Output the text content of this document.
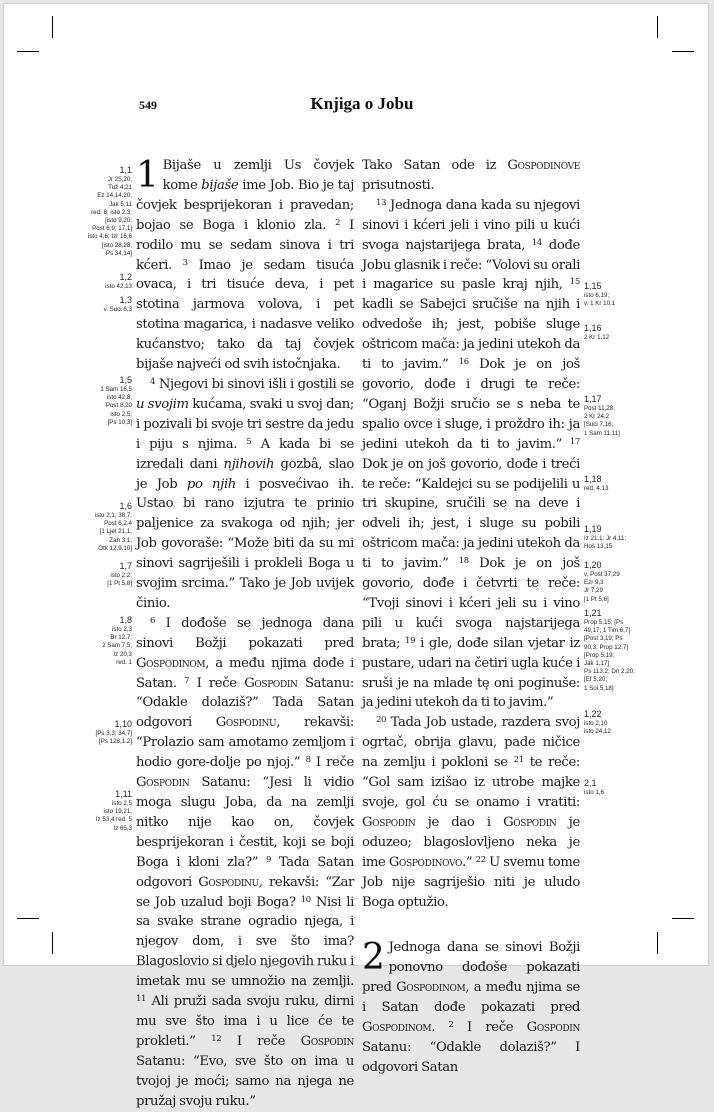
Knjiga o Jobu
549
1,1
Jr 25,20;
Tuž 4,21
Ez 14,14.20;
Jak 5,11
red. 8; isto 2,3;
[isto 9,20;
Post 6,9; 17,1]
isto 4,6; Izr 16,6
[isto 28,28;
Ps 34,14]
1,2
isto 42,13
1,3
v. Suci 6,3
1,5
1 Sam 16,5
isto 42,8;
Post 8,20
isto 2,5;
[Ps 10,3]
1,6
isto 2,1; 38,7;
Post 6,2.4
[1 Ljet 21,1;
Zah 3,1;
Otk 12,9.10]
1,7
isto 2,2;
[1 Pt 5,8]
1,8
isto 2,3
Br 12,7;
2 Sam 7,5;
Iz 20,3
red. 1
1,10
[Ps 3,3; 34,7]
[Ps 128,1.2]
1,11
isto 2,5
isto 19,21;
Iz 53,4 red. 5
Iz 65,3

1 Bijaše u zemlji Us čovjek kome bijaše ime Job. Bio je taj čovjek besprijekoran i pravedan; bojao se Boga i klonio zla. $^2$ I rodilo mu se sedam sinova i tri kćeri. $^3$ Imao je sedam tisuća ovaca, i tri tisuće deva, i pet stotina jarmova volova, i pet stotina magarica, i nadasve veliko kućanstvo; tako da taj čovjek bijaše najveći od svih istočnjaka.

$^4$ Njegovi bi sinovi išli i gostili se u svojim kućama, svaki u svoj dan; i pozivali bi svoje tri sestre da jedu i piju s njima. $^5$ A kada bi se izredali dani njihovih gozbâ, slao je Job po njih i posvećivao ih. Ustao bi rano izjutra te prinio paljenice za svakoga od njih; jer Job govoraše: “Može biti da su mi sinovi sagriješili i prokleli Boga u svojim srcima.” Tako je Job uvijek činio.

$^6$ I dođoše se jednoga dana sinovi Božji pokazati pred Gospodinom, a među njima dođe i Satan. $^7$ I reče Gospodin Satanu: “Odakle dolaziš?” Tada Satan odgovori Gospodinu, rekavši: “Prolazio sam amotamo zemljom i hodio gore-dolje po njoj.” $^8$ I reče Gospodin Satanu: “Jesi li vidio moga slugu Joba, da na zemlji nitko nije kao on, čovjek besprijekoran i čestit, koji se boji Boga i kloni zla?” $^9$ Tada Satan odgovori Gospodinu, rekavši: “Zar se Job uzalud boji Boga? $^{10}$ Nisi li sa svake strane ogradio njega, i njegov dom, i sve što ima? Blagoslovio si djelo njegovih ruku i imetak mu se umnožio na zemlji. $^{11}$ Ali pruži sada svoju ruku, dirni mu sve što ima i u lice će te prokleti.” $^{12}$ I reče Gospodin Satanu: “Evo, sve što on ima u tvojoj je moći; samo na njega ne pružaj svoju ruku.”

Tako Satan ode iz Gospodinove prisutnosti.

$^{13}$ Jednoga dana kada su njegovi sinovi i kćeri jeli i vino pili u kući svoga najstarijega brata, $^{14}$ dođe Jobu glasnik i reče: “Volovi su orali i magarice su pasle kraj njih, $^{15}$ kadli se Sabejci sručiše na njih i odvedoše ih; jest, pobiše sluge oštricom mača: ja jedini utekoh da ti to javim.” $^{16}$ Dok je on još govorio, dođe i drugi te reče: “Oganj Božji sručio se s neba te spalio ovce i sluge, i proždro ih: ja jedini utekoh da ti to javim.” $^{17}$ Dok je on još govorio, dođe i treći te reče: “Kaldejci su se podijelili u tri skupine, sručili se na deve i odveli ih; jest, i sluge su pobili oštricom mača: ja jedini utekoh da ti to javim.” $^{18}$ Dok je on još govorio, dođe i četvrti te reče: “Tvoji sinovi i kćeri jeli su i vino pili u kući svoga najstarijega brata; $^{19}$ i gle, dođe silan vjetar iz pustare, udari na četiri ugla kuće i sruši je na mlade tę oni poginuše: ja jedini utekoh da ti to javim.”

$^{20}$ Tada Job ustade, razdera svoj ogrtač, obrija glavu, pade ničice na zemlju i pokloni se $^{21}$ te reče: “Gol sam izišao iz utrobe majke svoje, gol ću se onamo i vratiti: Gospodin je dao i Gospodin je oduzeo; blagoslovljeno neka je ime Gospodinovo.” $^{22}$ U svemu tome Job nije sagriješio niti je uludo Boga optužio.

2 Jednoga dana se sinovi Božji ponovno dođoše pokazati pred Gospodinom, a među njima se i Satan dođe pokazati pred Gospodinom. $^2$ I reče Gospodin Satanu: “Odakle dolaziš?” I odgovori Satan

1,15
isto 6,19;
v. 1 Kr 10,1
1,16
2 Kr 1,12
1,17
Post 11,28;
2 Kr 24,2
[Suci 7,16;
1 Sam 11,11]
1,18
red. 4.13
1,19
Iz 21,1; Jr 4,11;
Hoš 13,15
1,20
v. Post 37,29
Ezr 9,3
Jr 7,29
[1 Pt 5,6]
1,21
Prop 5,15; [Ps
49,17; 1 Tim 6,7]
[Post 3,19; Ps
90,3; Prop 12,7]
[Prop 5,19;
Jak 1,17]
Ps 113,2; Dn 2,20;
[Ef 5,20;
1 Sol 5,18]
1,22
isto 2,10
isto 24,12
2,1
isto 1,6
